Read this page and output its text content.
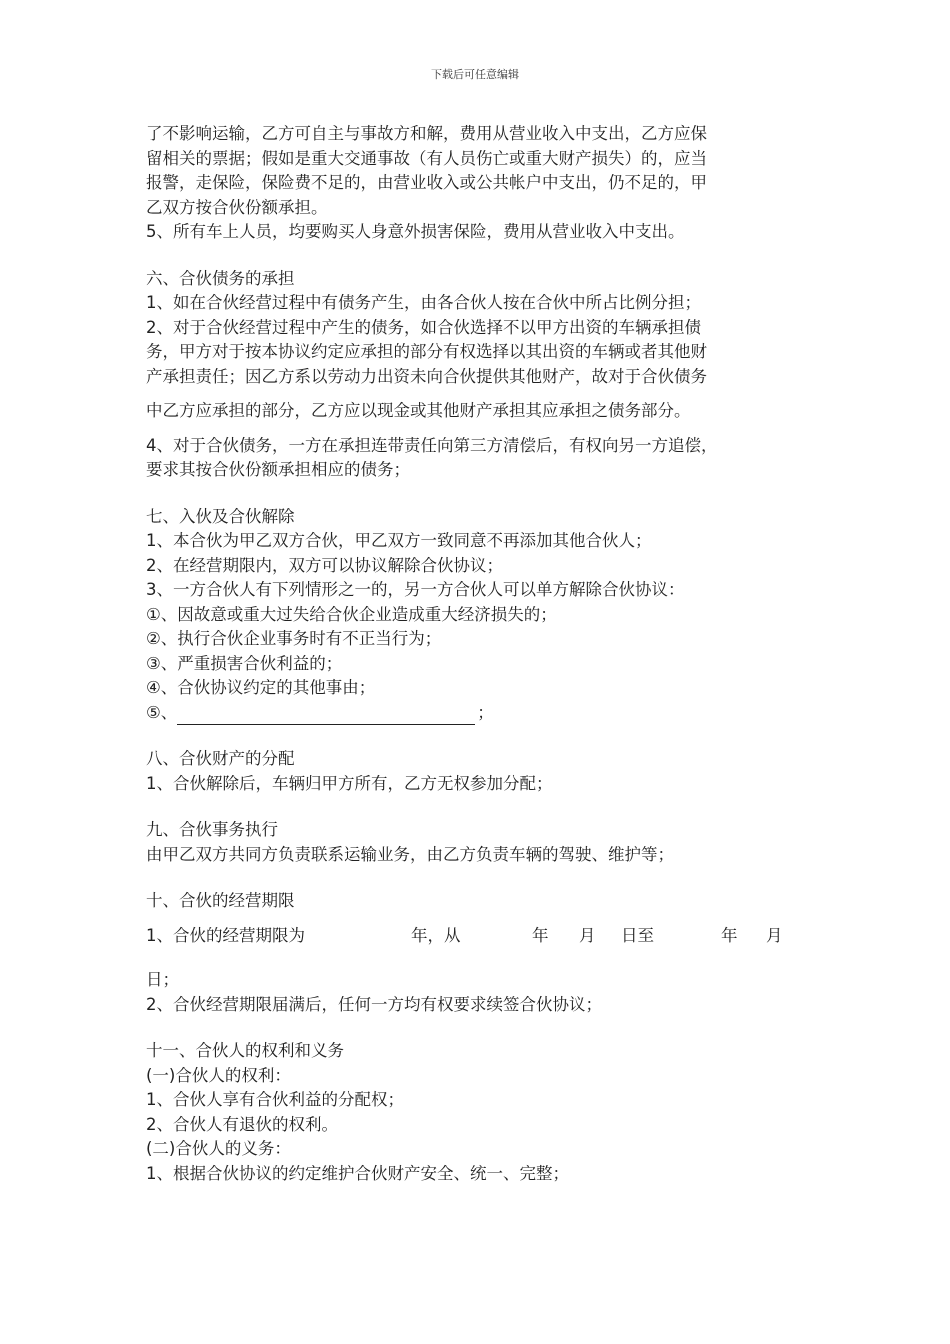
下载后可任意编辑

了不影响运输，乙方可自主与事故方和解，费用从营业收入中支出，乙方应保

留相关的票据；假如是重大交通事故（有人员伤亡或重大财产损失）的，应当

报警，走保险，保险费不足的，由营业收入或公共帐户中支出，仍不足的，甲

乙双方按合伙份额承担。

5、所有车上人员，均要购买人身意外损害保险，费用从营业收入中支出。

六、合伙债务的承担

1、如在合伙经营过程中有债务产生，由各合伙人按在合伙中所占比例分担；

2、对于合伙经营过程中产生的债务，如合伙选择不以甲方出资的车辆承担债

务，甲方对于按本协议约定应承担的部分有权选择以其出资的车辆或者其他财

产承担责任；因乙方系以劳动力出资未向合伙提供其他财产，故对于合伙债务

中乙方应承担的部分，乙方应以现金或其他财产承担其应承担之债务部分。

4、对于合伙债务，一方在承担连带责任向第三方清偿后，有权向另一方追偿，

要求其按合伙份额承担相应的债务；

七、入伙及合伙解除

1、本合伙为甲乙双方合伙，甲乙双方一致同意不再添加其他合伙人；

2、在经营期限内，双方可以协议解除合伙协议；

3、一方合伙人有下列情形之一的，另一方合伙人可以单方解除合伙协议：

①、因故意或重大过失给合伙企业造成重大经济损失的；

②、执行合伙企业事务时有不正当行为；

③、严重损害合伙利益的；

④、合伙协议约定的其他事由；

⑤、	；

八、合伙财产的分配

1、合伙解除后，车辆归甲方所有，乙方无权参加分配；

九、合伙事务执行

由甲乙双方共同方负责联系运输业务，由乙方负责车辆的驾驶、维护等；

十、合伙的经营期限

1、合伙的经营期限为	年，从	年 月 日至	年 月

日；

2、合伙经营期限届满后，任何一方均有权要求续签合伙协议；

十一、合伙人的权利和义务

(一)合伙人的权利：

1、合伙人享有合伙利益的分配权；

2、合伙人有退伙的权利。

(二)合伙人的义务：

1、根据合伙协议的约定维护合伙财产安全、统一、完整；
